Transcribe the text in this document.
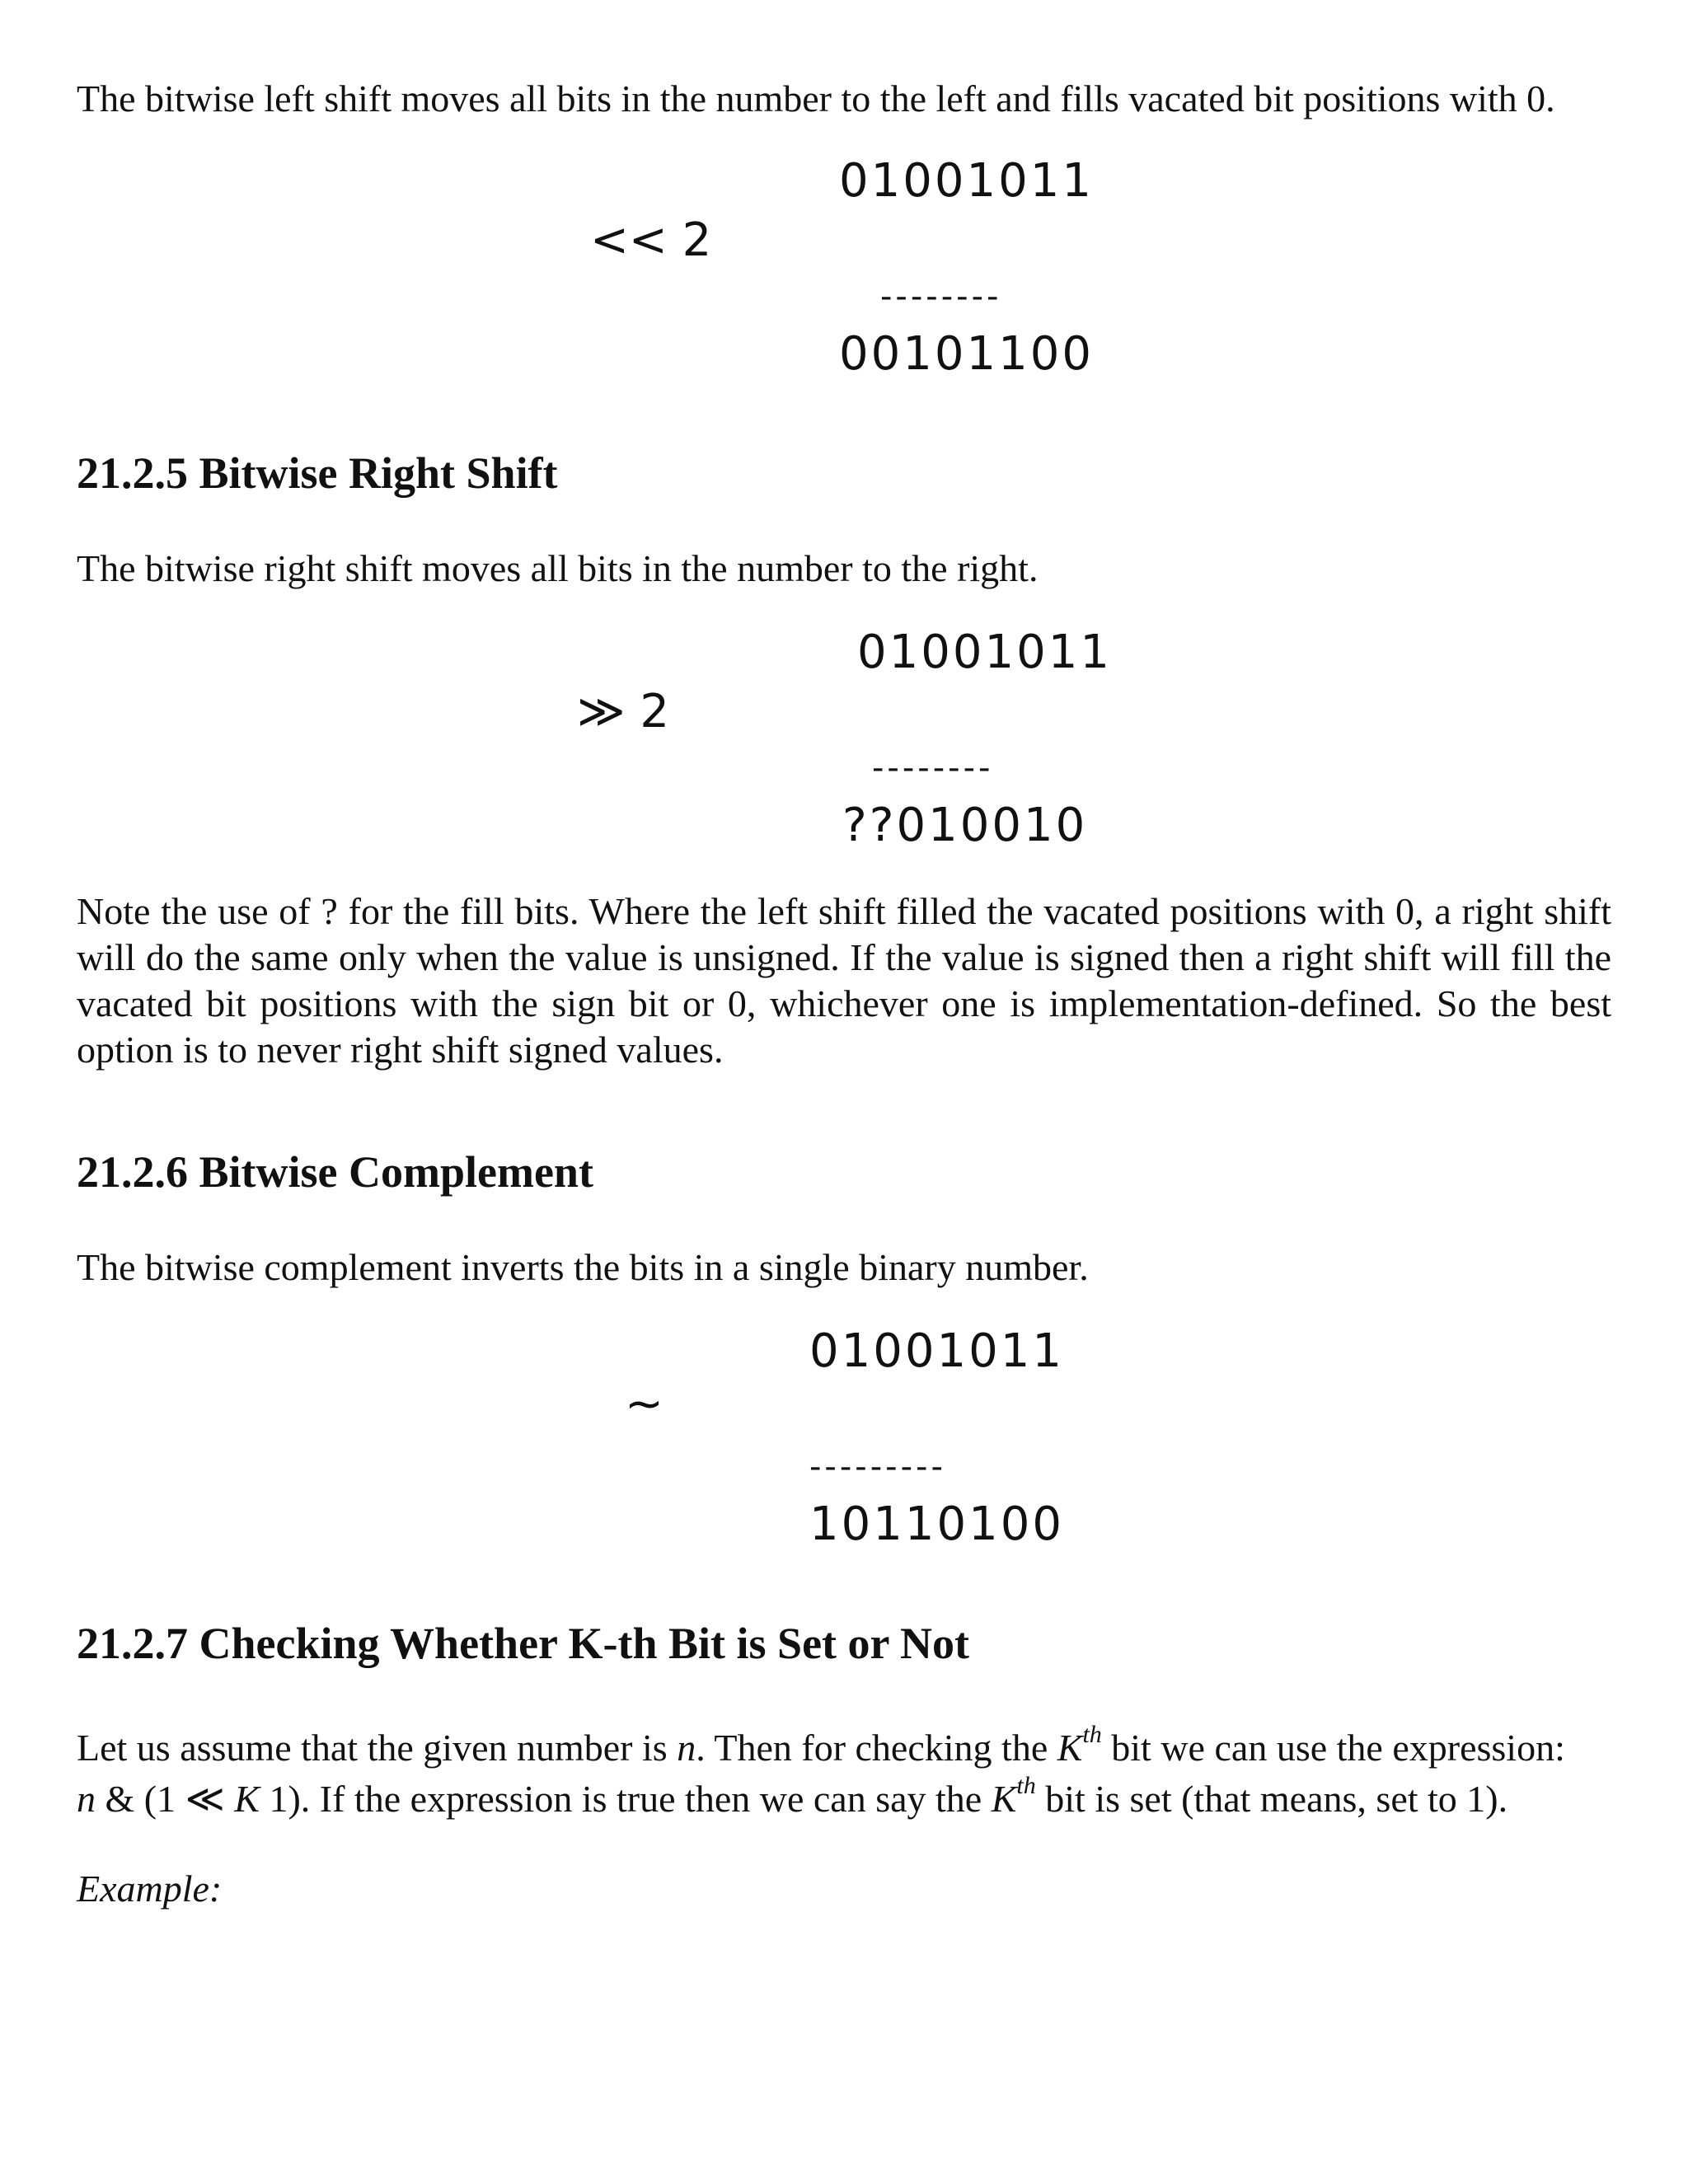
The bitwise left shift moves all bits in the number to the left and fills vacated bit positions with 0.

01001011
<< 2
--------
00101100
21.2.5 Bitwise Right Shift

The bitwise right shift moves all bits in the number to the right.

01001011
≫ 2
--------
??010010

Note the use of ? for the fill bits. Where the left shift filled the vacated positions with 0, a right shift will do the same only when the value is unsigned. If the value is signed then a right shift will fill the vacated bit positions with the sign bit or 0, whichever one is implementation-defined. So the best option is to never right shift signed values.

21.2.6 Bitwise Complement

The bitwise complement inverts the bits in a single binary number.

01001011
~
---------
10110100
21.2.7 Checking Whether K-th Bit is Set or Not

Let us assume that the given number is n. Then for checking the $K^{th}$ bit we can use the expression:
n & (1 ≪ K 1). If the expression is true then we can say the $K^{th}$ bit is set (that means, set to 1).

Example:
